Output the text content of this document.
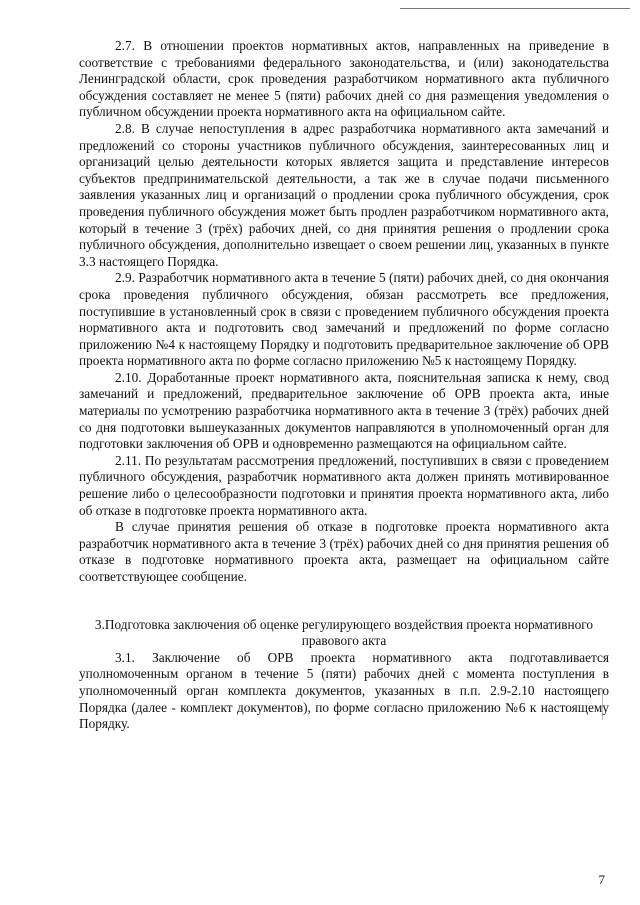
2.7. В отношении проектов нормативных актов, направленных на приведение в соответствие с требованиями федерального законодательства, и (или) законодательства Ленинградской области, срок проведения разработчиком нормативного акта публичного обсуждения составляет не менее 5 (пяти) рабочих дней со дня размещения уведомления о публичном обсуждении проекта нормативного акта на официальном сайте.

2.8. В случае непоступления в адрес разработчика нормативного акта замечаний и предложений со стороны участников публичного обсуждения, заинтересованных лиц и организаций целью деятельности которых является защита и представление интересов субъектов предпринимательской деятельности, а так же в случае подачи письменного заявления указанных лиц и организаций о продлении срока публичного обсуждения, срок проведения публичного обсуждения может быть продлен разработчиком нормативного акта, который в течение 3 (трёх) рабочих дней, со дня принятия решения о продлении срока публичного обсуждения, дополнительно извещает о своем решении лиц, указанных в пункте 3.3 настоящего Порядка.

2.9. Разработчик нормативного акта в течение 5 (пяти) рабочих дней, со дня окончания срока проведения публичного обсуждения, обязан рассмотреть все предложения, поступившие в установленный срок в связи с проведением публичного обсуждения проекта нормативного акта и подготовить свод замечаний и предложений по форме согласно приложению №4 к настоящему Порядку и подготовить предварительное заключение об ОРВ проекта нормативного акта по форме согласно приложению №5 к настоящему Порядку.

2.10. Доработанные проект нормативного акта, пояснительная записка к нему, свод замечаний и предложений, предварительное заключение об ОРВ проекта акта, иные материалы по усмотрению разработчика нормативного акта в течение 3 (трёх) рабочих дней со дня подготовки вышеуказанных документов направляются в уполномоченный орган для подготовки заключения об ОРВ и одновременно размещаются на официальном сайте.

2.11. По результатам рассмотрения предложений, поступивших в связи с проведением публичного обсуждения, разработчик нормативного акта должен принять мотивированное решение либо о целесообразности подготовки и принятия проекта нормативного акта, либо об отказе в подготовке проекта нормативного акта.

В случае принятия решения об отказе в подготовке проекта нормативного акта разработчик нормативного акта в течение 3 (трёх) рабочих дней со дня принятия решения об отказе в подготовке нормативного проекта акта, размещает на официальном сайте соответствующее сообщение.

3.Подготовка заключения об оценке регулирующего воздействия проекта нормативного правового акта

3.1. Заключение об ОРВ проекта нормативного акта подготавливается уполномоченным органом в течение 5 (пяти) рабочих дней с момента поступления в уполномоченный орган комплекта документов, указанных в п.п. 2.9-2.10 настоящего Порядка (далее - комплект документов), по форме согласно приложению №6 к настоящему Порядку.

7
